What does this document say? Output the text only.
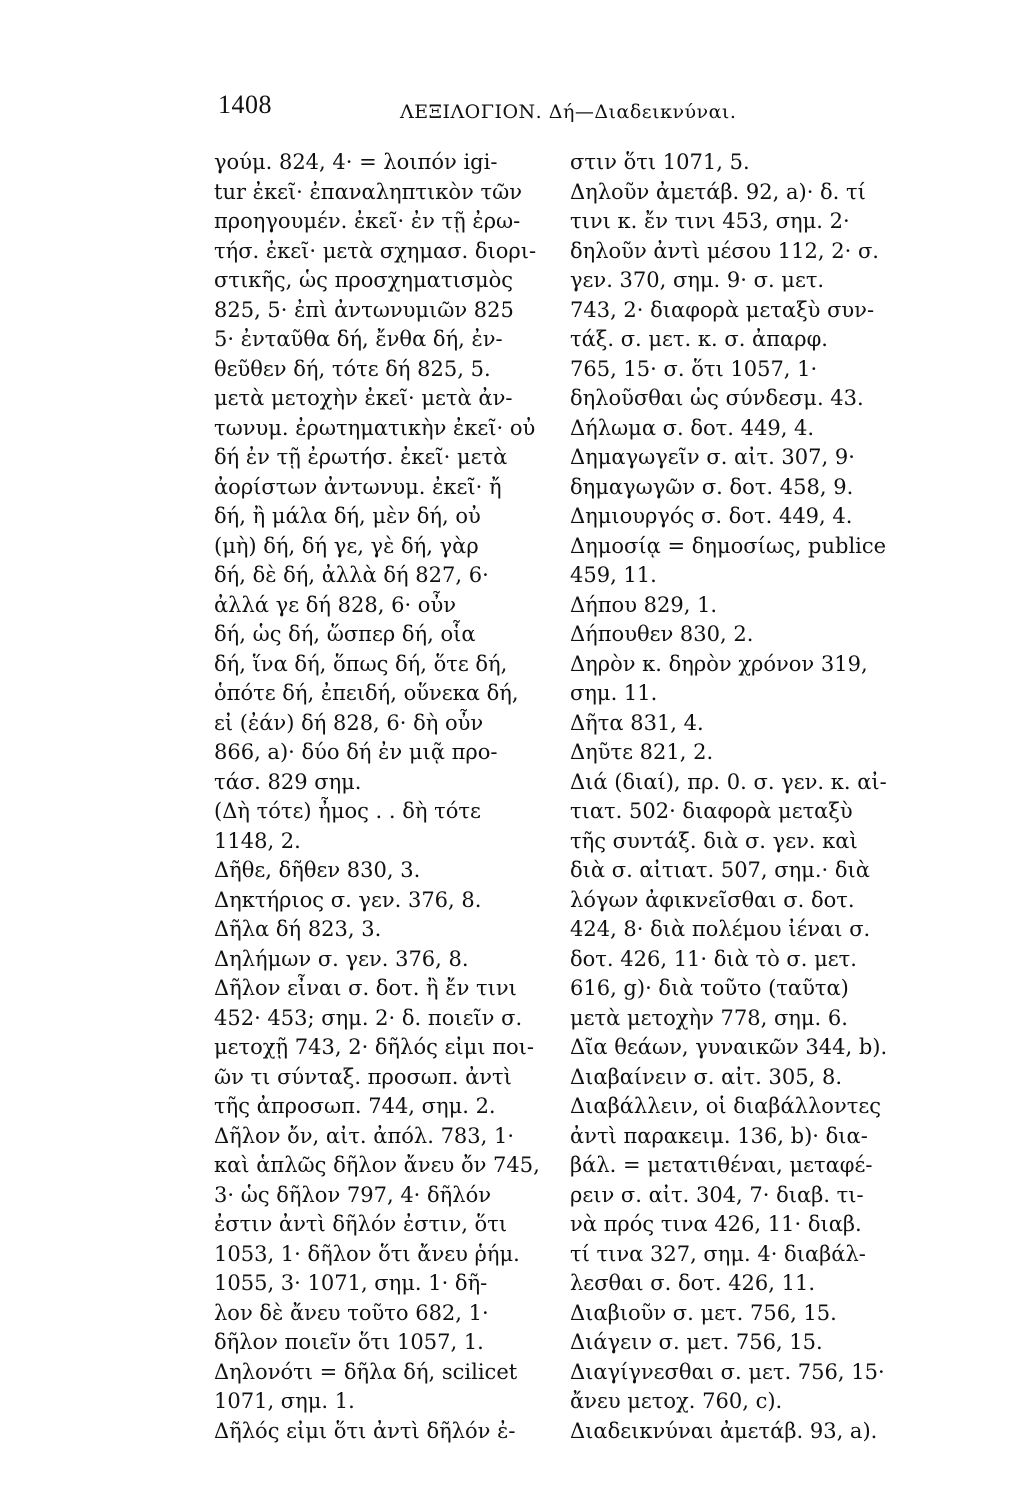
1408	ΛΕΞΙΛΟΓΙΟΝ. Δή—Διαδεικνύναι.
γούμ. 824, 4· = λοιπόν igi-
tur ἐκεῖ· ἐπαναληπτικὸν τῶν
προηγουμέν. ἐκεῖ· ἐν τῇ ἐρω-
τήσ. ἐκεῖ· μετὰ σχημασ. διορι-
στικῆς, ὡς προσχηματισμὸς
825, 5· ἐπὶ ἀντωνυμιῶν 825
5· ἐνταῦθα δή, ἔνθα δή, ἐν-
θεῦθεν δή, τότε δή 825, 5.
μετὰ μετοχὴν ἐκεῖ· μετὰ ἀν-
τωνυμ. ἐρωτηματικὴν ἐκεῖ· οὐ
δή ἐν τῇ ἐρωτήσ. ἐκεῖ· μετὰ
ἀορίστων ἀντωνυμ. ἐκεῖ· ἤ
δή, ἢ μάλα δή, μὲν δή, οὐ
(μὴ) δή, δή γε, γὲ δή, γὰρ
δή, δὲ δή, ἀλλὰ δή 827, 6·
ἀλλά γε δή 828, 6· οὖν
δή, ὡς δή, ὥσπερ δή, οἷα
δή, ἵνα δή, ὅπως δή, ὅτε δή,
ὁπότε δή, ἐπειδή, οὕνεκα δή,
εἰ (ἐάν) δή 828, 6· δὴ οὖν
866, a)· δύο δή ἐν μιᾷ προ-
τάσ. 829 σημ.
(Δὴ τότε) ἦμος . . δὴ τότε
1148, 2.
Δῆθε, δῆθεν 830, 3.
Δηκτήριος σ. γεν. 376, 8.
Δῆλα δή 823, 3.
Δηλήμων σ. γεν. 376, 8.
Δῆλον εἶναι σ. δοτ. ἢ ἔν τινι
452· 453; σημ. 2· δ. ποιεῖν σ.
μετοχῇ 743, 2· δῆλός εἰμι ποι-
ῶν τι σύνταξ. προσωπ. ἀντὶ
τῆς ἀπροσωπ. 744, σημ. 2.
Δῆλον ὄν, αἰτ. ἀπόλ. 783, 1·
καὶ ἁπλῶς δῆλον ἄνευ ὄν 745,
3· ὡς δῆλον 797, 4· δῆλόν
ἐστιν ἀντὶ δῆλόν ἐστιν, ὅτι
1053, 1· δῆλον ὅτι ἄνευ ῥήμ.
1055, 3· 1071, σημ. 1· δῆ-
λον δὲ ἄνευ τοῦτο 682, 1·
δῆλον ποιεῖν ὅτι 1057, 1.
Δηλονότι = δῆλα δή, scilicet
1071, σημ. 1.
Δῆλός εἰμι ὅτι ἀντὶ δῆλόν ἐ-
στιν ὅτι 1071, 5.
Δηλοῦν ἀμετάβ. 92, a)· δ. τί
τινι κ. ἔν τινι 453, σημ. 2·
δηλοῦν ἀντὶ μέσου 112, 2· σ.
γεν. 370, σημ. 9· σ. μετ.
743, 2· διαφορὰ μεταξὺ συν-
τάξ. σ. μετ. κ. σ. ἀπαρφ.
765, 15· σ. ὅτι 1057, 1·
δηλοῦσθαι ὡς σύνδεσμ. 43.
Δήλωμα σ. δοτ. 449, 4.
Δημαγωγεῖν σ. αἰτ. 307, 9·
δημαγωγῶν σ. δοτ. 458, 9.
Δημιουργός σ. δοτ. 449, 4.
Δημοσίᾳ = δημοσίως, publice
459, 11.
Δήπου 829, 1.
Δήπουθεν 830, 2.
Δηρὸν κ. δηρὸν χρόνον 319,
σημ. 11.
Δῆτα 831, 4.
Δηῦτε 821, 2.
Διά (διαί), πρ. 0. σ. γεν. κ. αἰ-
τιατ. 502· διαφορὰ μεταξὺ
τῆς συντάξ. διὰ σ. γεν. καὶ
διὰ σ. αἰτιατ. 507, σημ.· διὰ
λόγων ἀφικνεῖσθαι σ. δοτ.
424, 8· διὰ πολέμου ἰέναι σ.
δοτ. 426, 11· διὰ τὸ σ. μετ.
616, g)· διὰ τοῦτο (ταῦτα)
μετὰ μετοχὴν 778, σημ. 6.
Δῖα θεάων, γυναικῶν 344, b).
Διαβαίνειν σ. αἰτ. 305, 8.
Διαβάλλειν, οἱ διαβάλλοντες
ἀντὶ παρακειμ. 136, b)· δια-
βάλ. = μετατιθέναι, μεταφέ-
ρειν σ. αἰτ. 304, 7· διαβ. τι-
νὰ πρός τινα 426, 11· διαβ.
τί τινα 327, σημ. 4· διαβάλ-
λεσθαι σ. δοτ. 426, 11.
Διαβιοῦν σ. μετ. 756, 15.
Διάγειν σ. μετ. 756, 15.
Διαγίγνεσθαι σ. μετ. 756, 15·
ἄνευ μετοχ. 760, c).
Διαδεικνύναι ἀμετάβ. 93, a).
